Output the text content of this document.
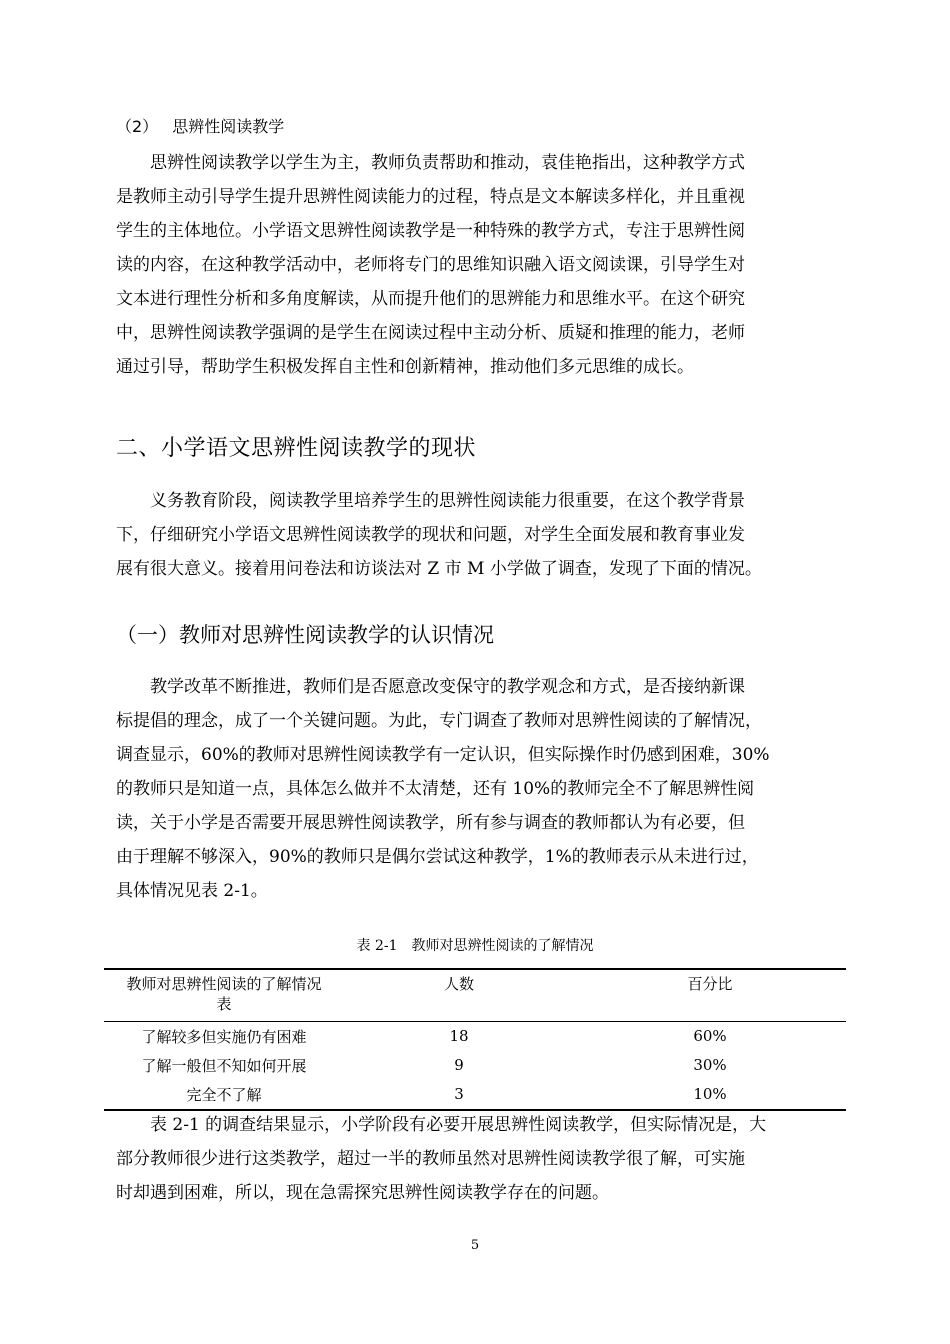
（2） 思辨性阅读教学

思辨性阅读教学以学生为主，教师负责帮助和推动，袁佳艳指出，这种教学方式
是教师主动引导学生提升思辨性阅读能力的过程，特点是文本解读多样化，并且重视
学生的主体地位。小学语文思辨性阅读教学是一种特殊的教学方式，专注于思辨性阅
读的内容，在这种教学活动中，老师将专门的思维知识融入语文阅读课，引导学生对
文本进行理性分析和多角度解读，从而提升他们的思辨能力和思维水平。在这个研究
中，思辨性阅读教学强调的是学生在阅读过程中主动分析、质疑和推理的能力，老师
通过引导，帮助学生积极发挥自主性和创新精神，推动他们多元思维的成长。

二、小学语文思辨性阅读教学的现状

义务教育阶段，阅读教学里培养学生的思辨性阅读能力很重要，在这个教学背景
下，仔细研究小学语文思辨性阅读教学的现状和问题，对学生全面发展和教育事业发
展有很大意义。接着用问卷法和访谈法对 Z 市 M 小学做了调查，发现了下面的情况。

（一）教师对思辨性阅读教学的认识情况

教学改革不断推进，教师们是否愿意改变保守的教学观念和方式，是否接纳新课
标提倡的理念，成了一个关键问题。为此，专门调查了教师对思辨性阅读的了解情况，
调查显示，60%的教师对思辨性阅读教学有一定认识，但实际操作时仍感到困难，30%
的教师只是知道一点，具体怎么做并不太清楚，还有 10%的教师完全不了解思辨性阅
读，关于小学是否需要开展思辨性阅读教学，所有参与调查的教师都认为有必要，但
由于理解不够深入，90%的教师只是偶尔尝试这种教学，1%的教师表示从未进行过，
具体情况见表 2-1。

表 2-1　教师对思辨性阅读的了解情况
教师对思辨性阅读的了解情况
表	人数	百分比
了解较多但实施仍有困难	18	60%
了解一般但不知如何开展	9	30%
完全不了解	3	10%

表 2-1 的调查结果显示，小学阶段有必要开展思辨性阅读教学，但实际情况是，大
部分教师很少进行这类教学，超过一半的教师虽然对思辨性阅读教学很了解，可实施
时却遇到困难，所以，现在急需探究思辨性阅读教学存在的问题。

5
